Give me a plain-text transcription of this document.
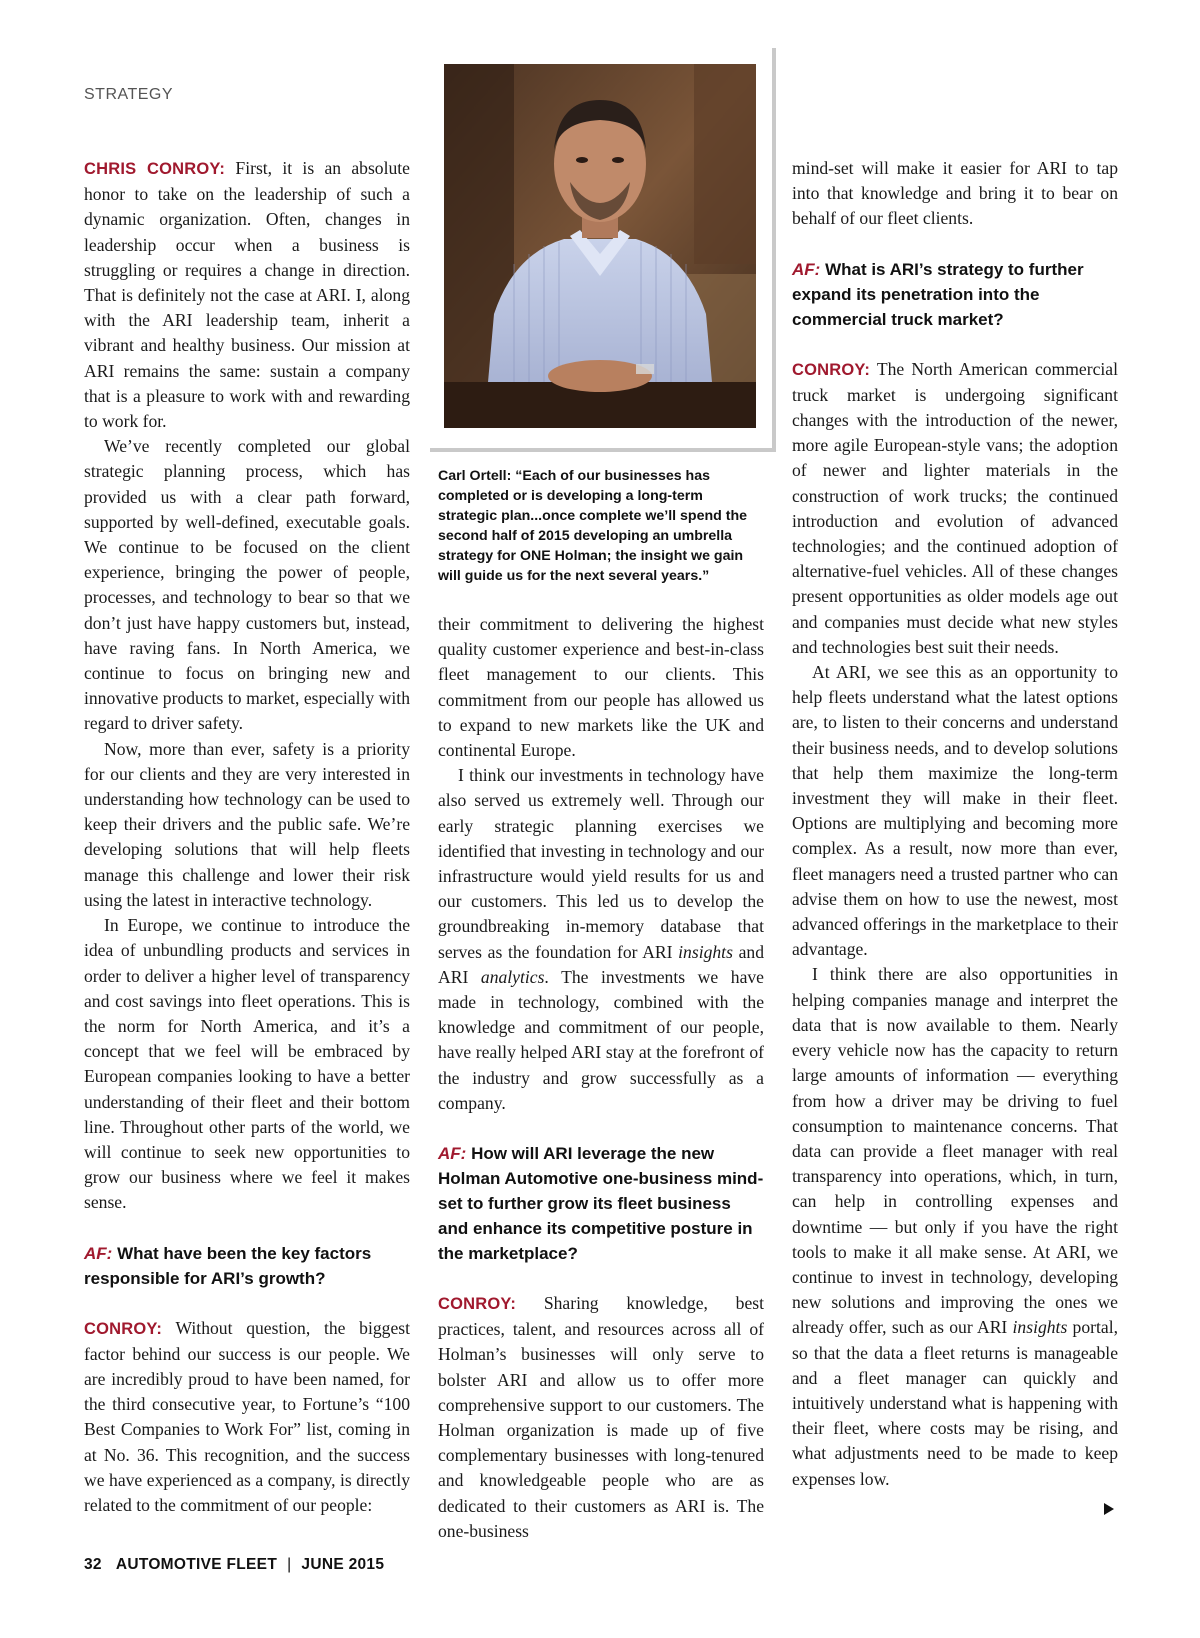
STRATEGY
Carl Ortell: “Each of our businesses has completed or is developing a long-term strategic plan...once complete we’ll spend the second half of 2015 developing an umbrella strategy for ONE Holman; the insight we gain will guide us for the next several years.”

CHRIS CONROY: First, it is an absolute honor to take on the leadership of such a dynamic organization. Often, changes in leadership occur when a business is struggling or requires a change in direction. That is definitely not the case at ARI. I, along with the ARI leadership team, inherit a vibrant and healthy business. Our mission at ARI remains the same: sustain a company that is a pleasure to work with and rewarding to work for.

We’ve recently completed our global strategic planning process, which has provided us with a clear path forward, supported by well-defined, executable goals. We continue to be focused on the client experience, bringing the power of people, processes, and technology to bear so that we don’t just have happy customers but, instead, have raving fans. In North America, we continue to focus on bringing new and innovative products to market, especially with regard to driver safety.

Now, more than ever, safety is a priority for our clients and they are very interested in understanding how technology can be used to keep their drivers and the public safe. We’re developing solutions that will help fleets manage this challenge and lower their risk using the latest in interactive technology.

In Europe, we continue to introduce the idea of unbundling products and services in order to deliver a higher level of transparency and cost savings into fleet operations. This is the norm for North America, and it’s a concept that we feel will be embraced by European companies looking to have a better understanding of their fleet and their bottom line. Throughout other parts of the world, we will continue to seek new opportunities to grow our business where we feel it makes sense.

AF: What have been the key factors responsible for ARI’s growth?

CONROY: Without question, the biggest factor behind our success is our people. We are incredibly proud to have been named, for the third consecutive year, to Fortune’s “100 Best Companies to Work For” list, coming in at No. 36. This recognition, and the success we have experienced as a company, is directly related to the commitment of our people:

their commitment to delivering the highest quality customer experience and best-in-class fleet management to our clients. This commitment from our people has allowed us to expand to new markets like the UK and continental Europe.

I think our investments in technology have also served us extremely well. Through our early strategic planning exercises we identified that investing in technology and our infrastructure would yield results for us and our customers. This led us to develop the groundbreaking in-memory database that serves as the foundation for ARI insights and ARI analytics. The investments we have made in technology, combined with the knowledge and commitment of our people, have really helped ARI stay at the forefront of the industry and grow successfully as a company.

AF: How will ARI leverage the new Holman Automotive one-business mind-set to further grow its fleet business and enhance its competitive posture in the marketplace?

CONROY: Sharing knowledge, best practices, talent, and resources across all of Holman’s businesses will only serve to bolster ARI and allow us to offer more comprehensive support to our customers. The Holman organization is made up of five complementary businesses with long-tenured and knowledgeable people who are as dedicated to their customers as ARI is. The one-business

mind-set will make it easier for ARI to tap into that knowledge and bring it to bear on behalf of our fleet clients.

AF: What is ARI’s strategy to further expand its penetration into the commercial truck market?

CONROY: The North American commercial truck market is undergoing significant changes with the introduction of the newer, more agile European-style vans; the adoption of newer and lighter materials in the construction of work trucks; the continued introduction and evolution of advanced technologies; and the continued adoption of alternative-fuel vehicles. All of these changes present opportunities as older models age out and companies must decide what new styles and technologies best suit their needs.

At ARI, we see this as an opportunity to help fleets understand what the latest options are, to listen to their concerns and understand their business needs, and to develop solutions that help them maximize the long-term investment they will make in their fleet. Options are multiplying and becoming more complex. As a result, now more than ever, fleet managers need a trusted partner who can advise them on how to use the newest, most advanced offerings in the marketplace to their advantage.

I think there are also opportunities in helping companies manage and interpret the data that is now available to them. Nearly every vehicle now has the capacity to return large amounts of information — everything from how a driver may be driving to fuel consumption to maintenance concerns. That data can provide a fleet manager with real transparency into operations, which, in turn, can help in controlling expenses and downtime — but only if you have the right tools to make it all make sense. At ARI, we continue to invest in technology, developing new solutions and improving the ones we already offer, such as our ARI insights portal, so that the data a fleet returns is manageable and a fleet manager can quickly and intuitively understand what is happening with their fleet, where costs may be rising, and what adjustments need to be made to keep expenses low.

32 AUTOMOTIVE FLEET | JUNE 2015
